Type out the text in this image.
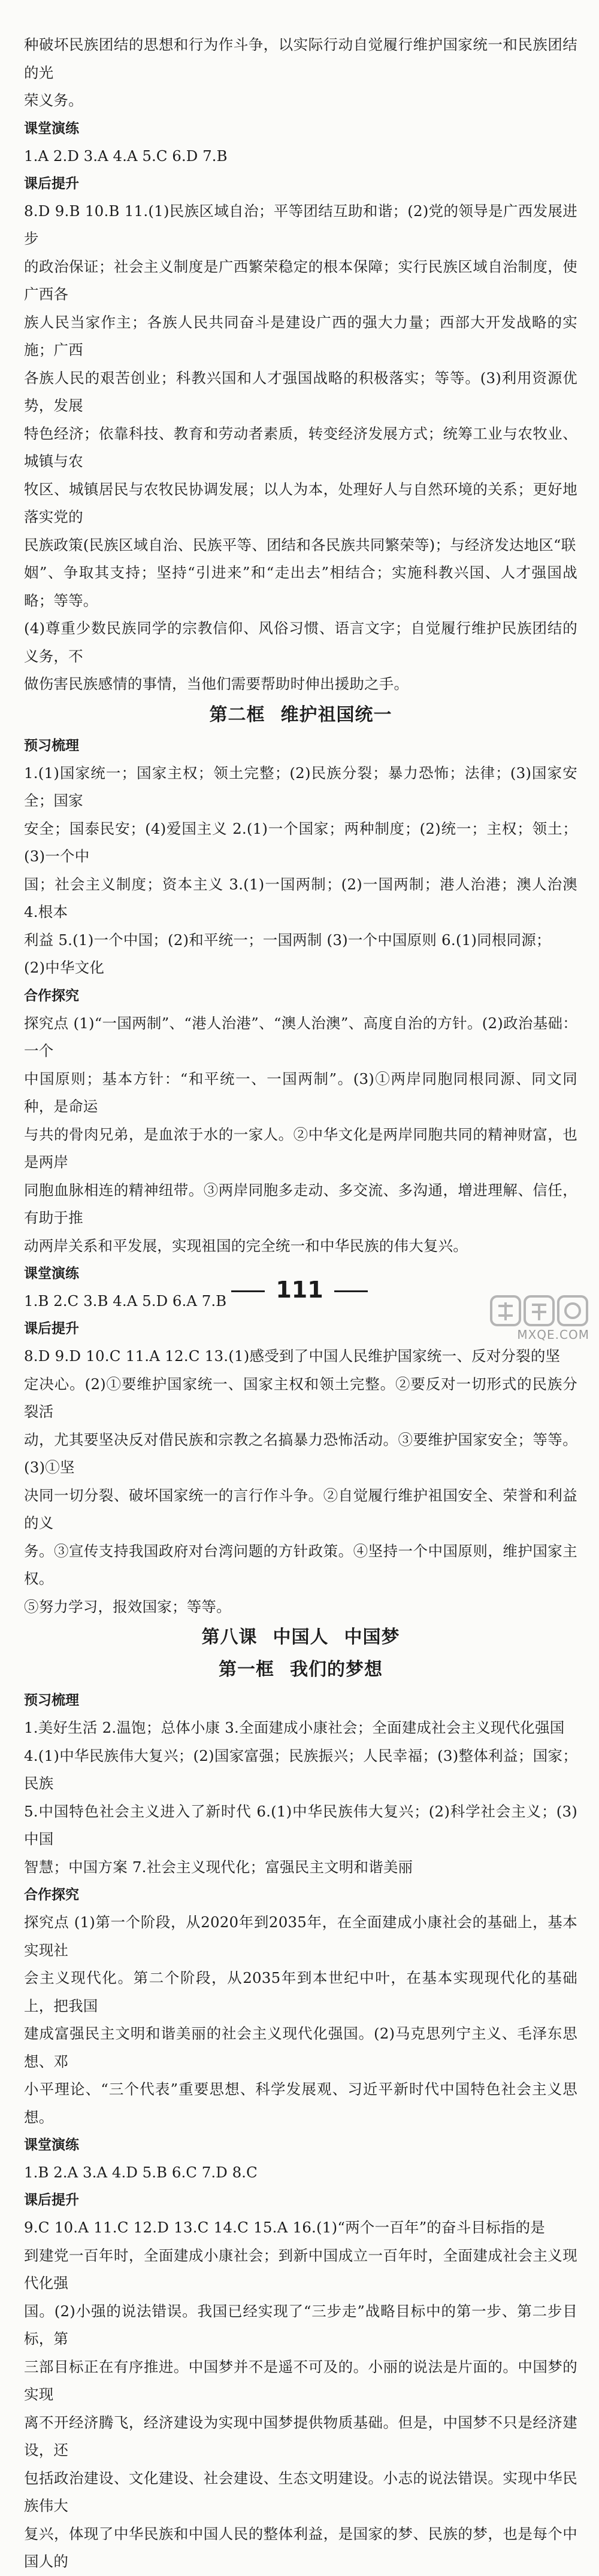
种破坏民族团结的思想和行为作斗争，以实际行动自觉履行维护国家统一和民族团结的光

荣义务。

课堂演练

1.A 2.D 3.A 4.A 5.C 6.D 7.B

课后提升

8.D 9.B 10.B 11.(1)民族区域自治；平等团结互助和谐；(2)党的领导是广西发展进步

的政治保证；社会主义制度是广西繁荣稳定的根本保障；实行民族区域自治制度，使广西各

族人民当家作主；各族人民共同奋斗是建设广西的强大力量；西部大开发战略的实施；广西

各族人民的艰苦创业；科教兴国和人才强国战略的积极落实；等等。(3)利用资源优势，发展

特色经济；依靠科技、教育和劳动者素质，转变经济发展方式；统筹工业与农牧业、城镇与农

牧区、城镇居民与农牧民协调发展；以人为本，处理好人与自然环境的关系；更好地落实党的

民族政策(民族区域自治、民族平等、团结和各民族共同繁荣等)；与经济发达地区“联

姻”、争取其支持；坚持“引进来”和“走出去”相结合；实施科教兴国、人才强国战略；等等。

(4)尊重少数民族同学的宗教信仰、风俗习惯、语言文字；自觉履行维护民族团结的义务，不

做伤害民族感情的事情，当他们需要帮助时伸出援助之手。

第二框 维护祖国统一

预习梳理

1.(1)国家统一；国家主权；领土完整；(2)民族分裂；暴力恐怖；法律；(3)国家安全；国家

安全；国泰民安；(4)爱国主义 2.(1)一个国家；两种制度；(2)统一；主权；领土；(3)一个中

国；社会主义制度；资本主义 3.(1)一国两制；(2)一国两制；港人治港；澳人治澳 4.根本

利益 5.(1)一个中国；(2)和平统一；一国两制 (3)一个中国原则 6.(1)同根同源；

(2)中华文化

合作探究

探究点 (1)“一国两制”、“港人治港”、“澳人治澳”、高度自治的方针。(2)政治基础：一个

中国原则；基本方针：“和平统一、一国两制”。(3)①两岸同胞同根同源、同文同种，是命运

与共的骨肉兄弟，是血浓于水的一家人。②中华文化是两岸同胞共同的精神财富，也是两岸

同胞血脉相连的精神纽带。③两岸同胞多走动、多交流、多沟通，增进理解、信任，有助于推

动两岸关系和平发展，实现祖国的完全统一和中华民族的伟大复兴。

课堂演练

1.B 2.C 3.B 4.A 5.D 6.A 7.B

课后提升

8.D 9.D 10.C 11.A 12.C 13.(1)感受到了中国人民维护国家统一、反对分裂的坚

定决心。(2)①要维护国家统一、国家主权和领土完整。②要反对一切形式的民族分裂活

动，尤其要坚决反对借民族和宗教之名搞暴力恐怖活动。③要维护国家安全；等等。(3)①坚

决同一切分裂、破坏国家统一的言行作斗争。②自觉履行维护祖国安全、荣誉和利益的义

务。③宣传支持我国政府对台湾问题的方针政策。④坚持一个中国原则，维护国家主权。

⑤努力学习，报效国家；等等。

第八课 中国人 中国梦
第一框 我们的梦想

预习梳理

1.美好生活 2.温饱；总体小康 3.全面建成小康社会；全面建成社会主义现代化强国

4.(1)中华民族伟大复兴；(2)国家富强；民族振兴；人民幸福；(3)整体利益；国家；民族

5.中国特色社会主义进入了新时代 6.(1)中华民族伟大复兴；(2)科学社会主义；(3)中国

智慧；中国方案 7.社会主义现代化；富强民主文明和谐美丽

合作探究

探究点 (1)第一个阶段，从2020年到2035年，在全面建成小康社会的基础上，基本实现社

会主义现代化。第二个阶段，从2035年到本世纪中叶，在基本实现现代化的基础上，把我国

建成富强民主文明和谐美丽的社会主义现代化强国。(2)马克思列宁主义、毛泽东思想、邓

小平理论、“三个代表”重要思想、科学发展观、习近平新时代中国特色社会主义思想。

课堂演练

1.B 2.A 3.A 4.D 5.B 6.C 7.D 8.C

课后提升

9.C 10.A 11.C 12.D 13.C 14.C 15.A 16.(1)“两个一百年”的奋斗目标指的是

到建党一百年时，全面建成小康社会；到新中国成立一百年时，全面建成社会主义现代化强

国。(2)小强的说法错误。我国已经实现了“三步走”战略目标中的第一步、第二步目标，第

三部目标正在有序推进。中国梦并不是遥不可及的。小丽的说法是片面的。中国梦的实现

离不开经济腾飞，经济建设为实现中国梦提供物质基础。但是，中国梦不只是经济建设，还

包括政治建设、文化建设、社会建设、生态文明建设。小志的说法错误。实现中华民族伟大

复兴，体现了中华民族和中国人民的整体利益，是国家的梦、民族的梦，也是每个中国人的

111
MXQE.COM
